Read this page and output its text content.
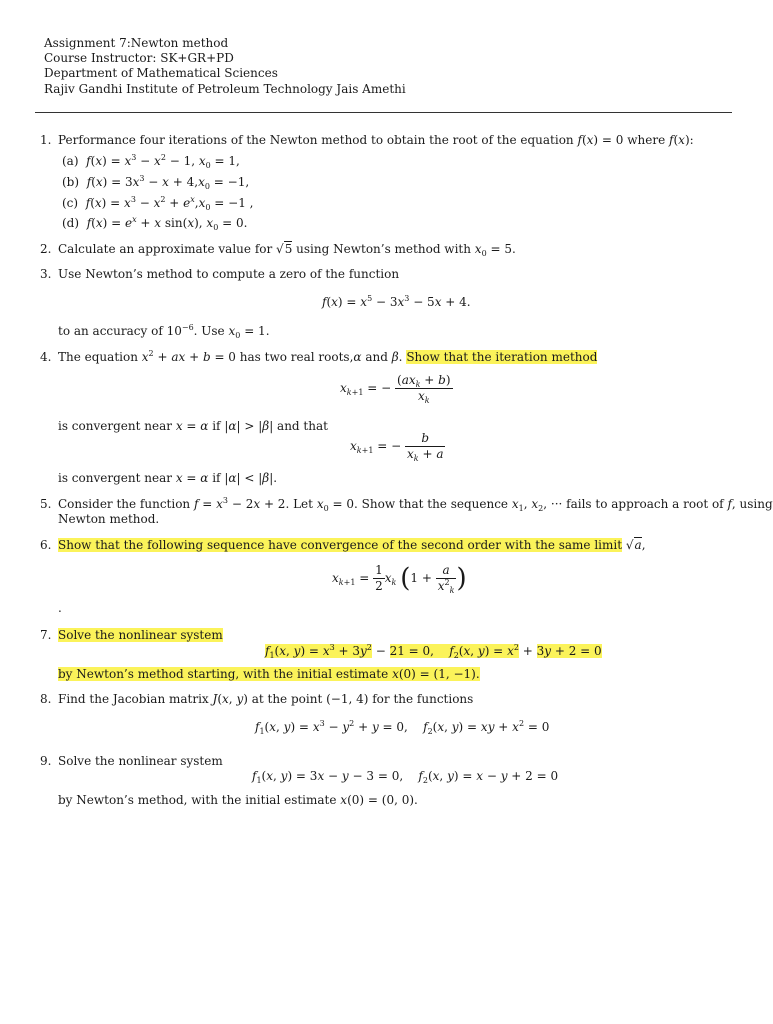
Assignment 7:Newton method
Course Instructor: SK+GR+PD
Department of Mathematical Sciences
Rajiv Gandhi Institute of Petroleum Technology Jais Amethi
1. Performance four iterations of the Newton method to obtain the root of the equation f(x) = 0 where f(x):
(a) $f(x) = x^3 - x^2 - 1$, $x_0 = 1$,
(b) $f(x) = 3x^3 - x + 4,x_0 = -1$,
(c) $f(x) = x^3 - x^2 + e^x,x_0 = -1$ ,
(d) $f(x) = e^x + x$ sin(x), $x_0 = 0$.
2. Calculate an approximate value for √5 using Newton’s method with $x_0 = 5$.
3. Use Newton’s method to compute a zero of the function
$f(x) = x^5 - 3x^3 - 5x + 4$.
to an accuracy of $10^{-6}$. Use $x_0 = 1$.
4. The equation $x^2$ + ax + b = 0 has two real roots,α and β. Show that the iteration method
$x_{k+1}$ = − $\frac{(ax_k + b)}{x_k}$
is convergent near x = α if |α| > |β| and that
$x_{k+1}$ = − $\frac{b}{x_k + a}$
is convergent near x = α if |α| < |β|.
5. Consider the function $f = x^3 - 2x + 2$. Let $x_0 = 0$. Show that the sequence $x_1$, $x_2$, ··· fails to approach a root of f, using
Newton method.
6. Show that the following sequence have convergence of the second order with the same limit √a,
$x_{k+1} = \frac{1}{2} x_k$ ($1 + \frac{a}{x^2_k}$ )
.
7. Solve the nonlinear system
$f_1(x$, $y) = x^3 + 3y^2 - 21 = 0$,    $f_2(x$, $y) = x^2 + 3y + 2 = 0$
by Newton’s method starting, with the initial estimate x(0) = (1, −1).
8. Find the Jacobian matrix J(x, y) at the point (−1, 4) for the functions
$f_1(x$, $y) = x^3 - y^2 + y = 0$,    $f_2(x$, y) = xy + $x^2 = 0$
9. Solve the nonlinear system
$f_1(x$, y) = 3x − y − 3 = 0,    $f_2(x$, y) = x − y + 2 = 0
by Newton’s method, with the initial estimate x(0) = (0, 0).
